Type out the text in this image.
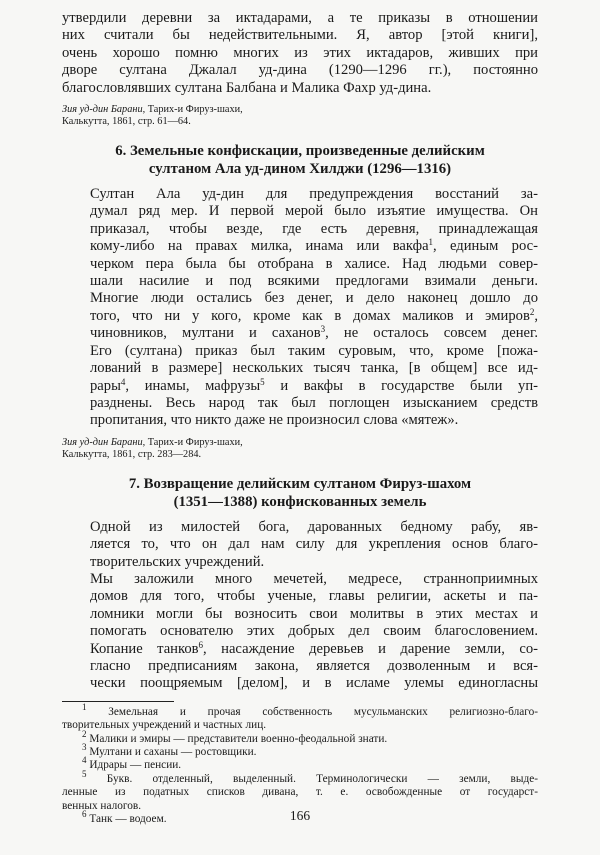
утвердили деревни за иктадарами, а те приказы в отношении
них считали бы недействительными. Я, автор [этой книги],
очень хорошо помню многих из этих иктадаров, живших при
дворе султана Джалал уд-дина (1290—1296 гг.), постоянно
благословлявших султана Балбана и Малика Фахр уд-дина.

Зия уд-дин Барани, Тарих-и Фируз-шахи,
Калькутта, 1861, стр. 61—64.

6. Земельные конфискации, произведенные делийским
султаном Ала уд-дином Хилджи (1296—1316)

Султан Ала уд-дин для предупреждения восстаний за-
думал ряд мер. И первой мерой было изъятие имущества. Он
приказал, чтобы везде, где есть деревня, принадлежащая
кому-либо на правах милка, инама или вакфа$^1$, единым рос-
черком пера была бы отобрана в халисе. Над людьми совер-
шали насилие и под всякими предлогами взимали деньги.
Многие люди остались без денег, и дело наконец дошло до
того, что ни у кого, кроме как в домах маликов и эмиров$^2$,
чиновников, мултани и саханов$^3$, не осталось совсем денег.
Его (султана) приказ был таким суровым, что, кроме [пожа-
лований в размере] нескольких тысяч танка, [в общем] все ид-
рары$^4$, инамы, мафрузы$^5$ и вакфы в государстве были уп-
разднены. Весь народ так был поглощен изысканием средств
пропитания, что никто даже не произносил слова «мятеж».

Зия уд-дин Барани, Тарих-и Фируз-шахи,
Калькутта, 1861, стр. 283—284.

7. Возвращение делийским султаном Фируз-шахом
(1351—1388) конфискованных земель

Одной из милостей бога, дарованных бедному рабу, яв-
ляется то, что он дал нам силу для укрепления основ благо-
творительских учреждений.

Мы заложили много мечетей, медресе, странноприимных
домов для того, чтобы ученые, главы религии, аскеты и па-
ломники могли бы возносить свои молитвы в этих местах и
помогать основателю этих добрых дел своим благословением.
Копание танков$^6$, насаждение деревьев и дарение земли, со-
гласно предписаниям закона, является дозволенным и вся-
чески поощряемым [делом], и в исламе улемы единогласны

$^1$ Земельная и прочая собственность мусульманских религиозно-благо-
творительных учреждений и частных лиц.
$^2$ Малики и эмиры — представители военно-феодальной знати.
$^3$ Мултани и саханы — ростовщики.
$^4$ Идрары — пенсии.
$^5$ Букв. отделенный, выделенный. Терминологически — земли, выде-
ленные из податных списков дивана, т. е. освобожденные от государст-
венных налогов.
$^6$ Танк — водоем.	166
